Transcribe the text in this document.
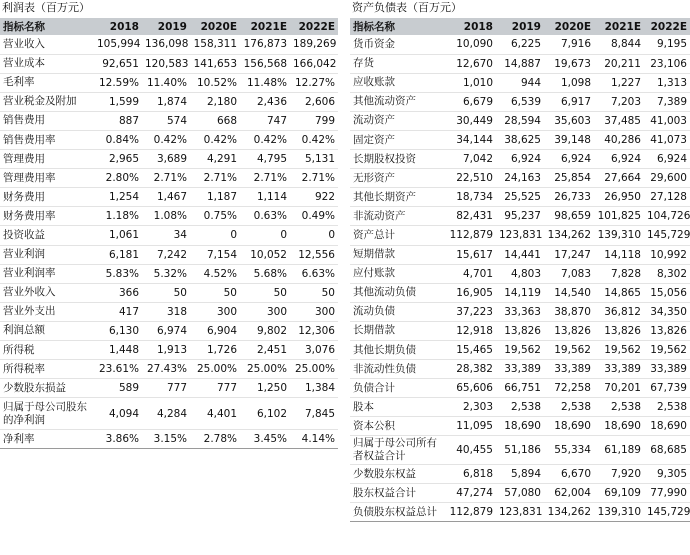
利润表（百万元）
指标名称	2018	2019	2020E	2021E	2022E
营业收入	105,994	136,098	158,311	176,873	189,269
营业成本	92,651	120,583	141,653	156,568	166,042
毛利率	12.59%	11.40%	10.52%	11.48%	12.27%
营业税金及附加	1,599	1,874	2,180	2,436	2,606
销售费用	887	574	668	747	799
销售费用率	0.84%	0.42%	0.42%	0.42%	0.42%
管理费用	2,965	3,689	4,291	4,795	5,131
管理费用率	2.80%	2.71%	2.71%	2.71%	2.71%
财务费用	1,254	1,467	1,187	1,114	922
财务费用率	1.18%	1.08%	0.75%	0.63%	0.49%
投资收益	1,061	34	0	0	0
营业利润	6,181	7,242	7,154	10,052	12,556
营业利润率	5.83%	5.32%	4.52%	5.68%	6.63%
营业外收入	366	50	50	50	50
营业外支出	417	318	300	300	300
利润总额	6,130	6,974	6,904	9,802	12,306
所得税	1,448	1,913	1,726	2,451	3,076
所得税率	23.61%	27.43%	25.00%	25.00%	25.00%
少数股东损益	589	777	777	1,250	1,384
归属于母公司股东的净利润	4,094	4,284	4,401	6,102	7,845
净利率	3.86%	3.15%	2.78%	3.45%	4.14%
资产负债表（百万元）
指标名称	2018	2019	2020E	2021E	2022E
货币资金	10,090	6,225	7,916	8,844	9,195
存货	12,670	14,887	19,673	20,211	23,106
应收账款	1,010	944	1,098	1,227	1,313
其他流动资产	6,679	6,539	6,917	7,203	7,389
流动资产	30,449	28,594	35,603	37,485	41,003
固定资产	34,144	38,625	39,148	40,286	41,073
长期股权投资	7,042	6,924	6,924	6,924	6,924
无形资产	22,510	24,163	25,854	27,664	29,600
其他长期资产	18,734	25,525	26,733	26,950	27,128
非流动资产	82,431	95,237	98,659	101,825	104,726
资产总计	112,879	123,831	134,262	139,310	145,729
短期借款	15,617	14,441	17,247	14,118	10,992
应付账款	4,701	4,803	7,083	7,828	8,302
其他流动负债	16,905	14,119	14,540	14,865	15,056
流动负债	37,223	33,363	38,870	36,812	34,350
长期借款	12,918	13,826	13,826	13,826	13,826
其他长期负债	15,465	19,562	19,562	19,562	19,562
非流动性负债	28,382	33,389	33,389	33,389	33,389
负债合计	65,606	66,751	72,258	70,201	67,739
股本	2,303	2,538	2,538	2,538	2,538
资本公积	11,095	18,690	18,690	18,690	18,690
归属于母公司所有者权益合计	40,455	51,186	55,334	61,189	68,685
少数股东权益	6,818	5,894	6,670	7,920	9,305
股东权益合计	47,274	57,080	62,004	69,109	77,990
负债股东权益总计	112,879	123,831	134,262	139,310	145,729
